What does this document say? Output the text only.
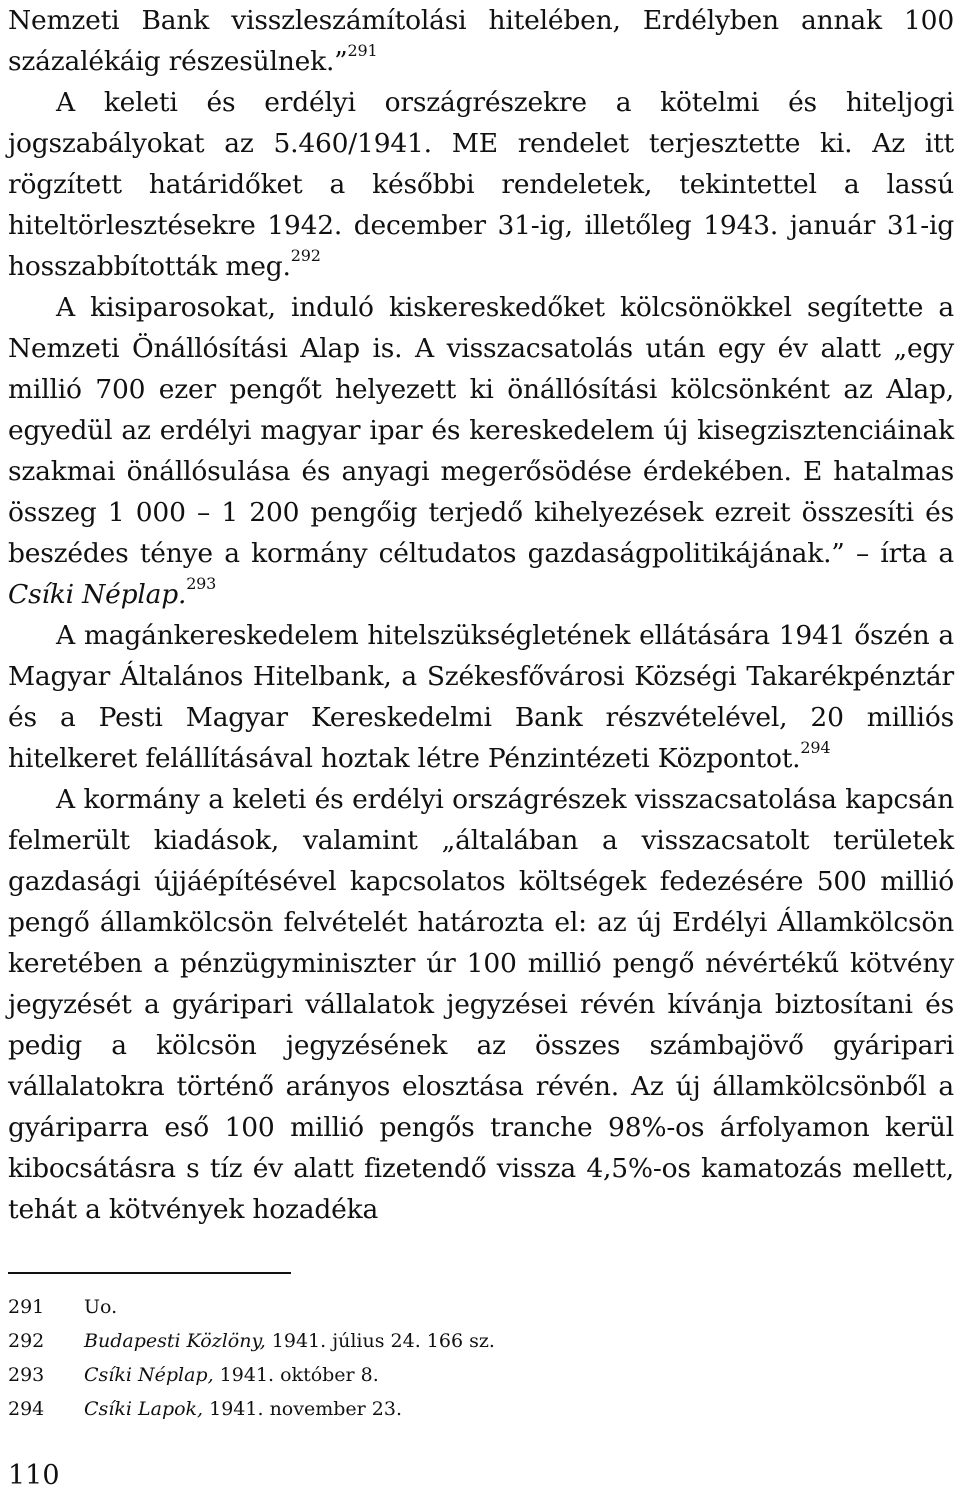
Nemzeti Bank visszleszámítolási hitelében, Erdélyben annak 100 százalékáig részesülnek.”$^{291}$

A keleti és erdélyi országrészekre a kötelmi és hiteljogi jogszabályokat az 5.460/1941. ME rendelet terjesztette ki. Az itt rögzített határidőket a későbbi rendeletek, tekintettel a lassú hiteltörlesztésekre 1942. december 31-ig, illetőleg 1943. január 31-ig hosszabbították meg.$^{292}$

A kisiparosokat, induló kiskereskedőket kölcsönökkel segítette a Nemzeti Önállósítási Alap is. A visszacsatolás után egy év alatt „egy millió 700 ezer pengőt helyezett ki önállósítási kölcsönként az Alap, egyedül az erdélyi magyar ipar és kereskedelem új kisegzisztenciáinak szakmai önállósulása és anyagi megerősödése érdekében. E hatalmas összeg 1 000 – 1 200 pengőig terjedő kihelyezések ezreit összesíti és beszédes ténye a kormány céltudatos gazdaságpolitikájának.” – írta a Csíki Néplap.$^{293}$

A magánkereskedelem hitelszükségletének ellátására 1941 őszén a Magyar Általános Hitelbank, a Székesfővárosi Községi Takarékpénztár és a Pesti Magyar Kereskedelmi Bank részvételével, 20 milliós hitelkeret felállításával hoztak létre Pénzintézeti Központot.$^{294}$

A kormány a keleti és erdélyi országrészek visszacsatolása kapcsán felmerült kiadások, valamint „általában a visszacsatolt területek gazdasági újjáépítésével kapcsolatos költségek fedezésére 500 millió pengő államkölcsön felvételét határozta el: az új Erdélyi Államkölcsön keretében a pénzügyminiszter úr 100 millió pengő névértékű kötvény jegyzését a gyáripari vállalatok jegyzései révén kívánja biztosítani és pedig a kölcsön jegyzésének az összes számbajövő gyáripari vállalatokra történő arányos elosztása révén. Az új államkölcsönből a gyáriparra eső 100 millió pengős tranche 98%-os árfolyamon kerül kibocsátásra s tíz év alatt fizetendő vissza 4,5%-os kamatozás mellett, tehát a kötvények hozadéka

291	Uo.
292	Budapesti Közlöny, 1941. július 24. 166 sz.
293	Csíki Néplap, 1941. október 8.
294	Csíki Lapok, 1941. november 23.
110
